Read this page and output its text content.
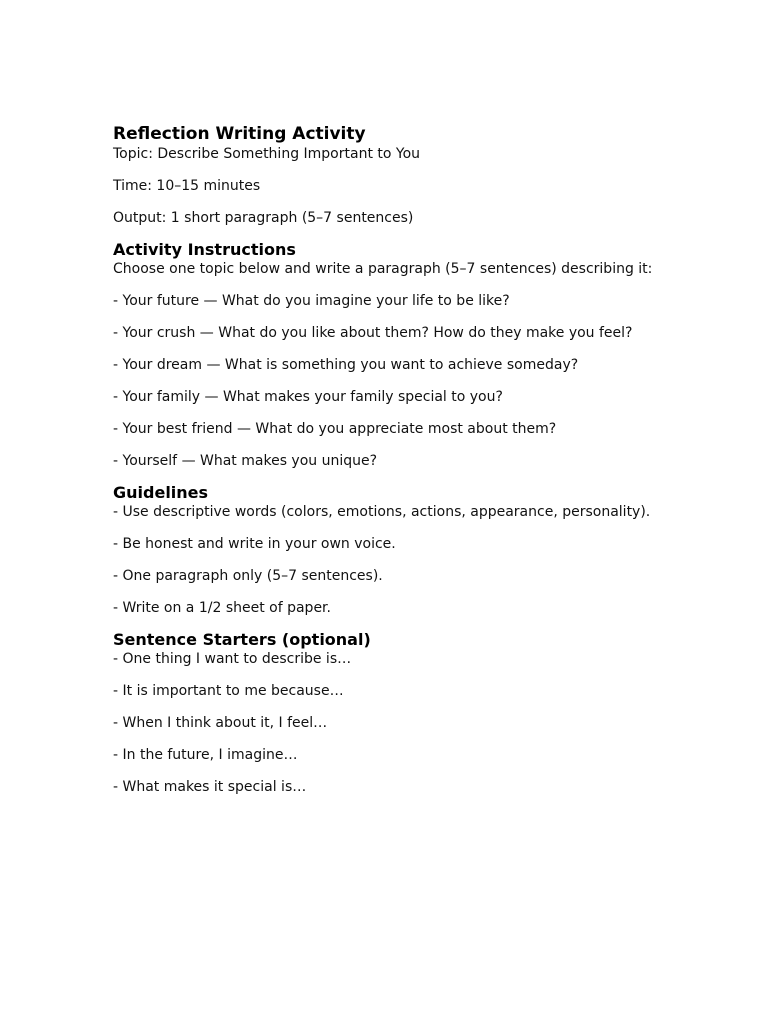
Reflection Writing Activity

Topic: Describe Something Important to You

Time: 10–15 minutes

Output: 1 short paragraph (5–7 sentences)

Activity Instructions

Choose one topic below and write a paragraph (5–7 sentences) describing it:

- Your future — What do you imagine your life to be like?

- Your crush — What do you like about them? How do they make you feel?

- Your dream — What is something you want to achieve someday?

- Your family — What makes your family special to you?

- Your best friend — What do you appreciate most about them?

- Yourself — What makes you unique?

Guidelines

- Use descriptive words (colors, emotions, actions, appearance, personality).

- Be honest and write in your own voice.

- One paragraph only (5–7 sentences).

- Write on a 1/2 sheet of paper.

Sentence Starters (optional)

- One thing I want to describe is…

- It is important to me because…

- When I think about it, I feel…

- In the future, I imagine…

- What makes it special is…
